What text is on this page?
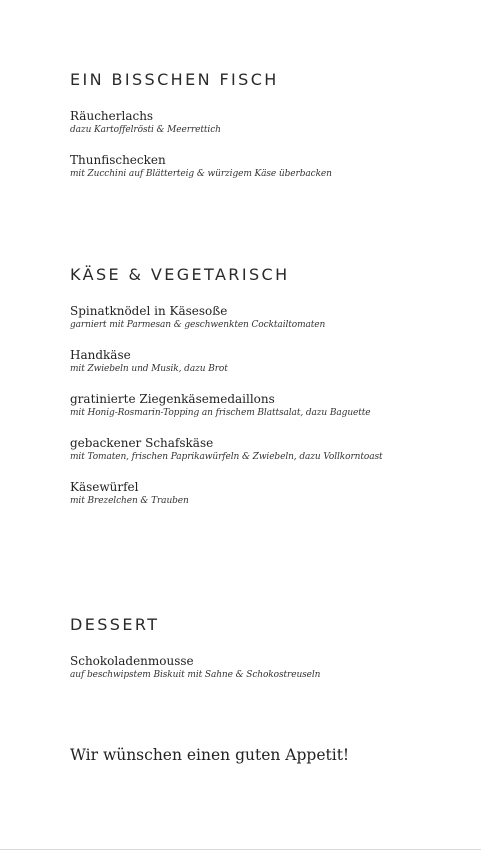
EIN BISSCHEN FISCH
Räucherlachs
dazu Kartoffelrösti & Meerrettich
Thunfischecken
mit Zucchini auf Blätterteig & würzigem Käse überbacken
KÄSE & VEGETARISCH
Spinatknödel in Käsesoße
garniert mit Parmesan & geschwenkten Cocktailtomaten
Handkäse
mit Zwiebeln und Musik, dazu Brot
gratinierte Ziegenkäsemedaillons
mit Honig-Rosmarin-Topping an frischem Blattsalat, dazu Baguette
gebackener Schafskäse
mit Tomaten, frischen Paprikawürfeln & Zwiebeln, dazu Vollkorntoast
Käsewürfel
mit Brezelchen & Trauben
DESSERT
Schokoladenmousse
auf beschwipstem Biskuit mit Sahne & Schokostreuseln
Wir wünschen einen guten Appetit!
